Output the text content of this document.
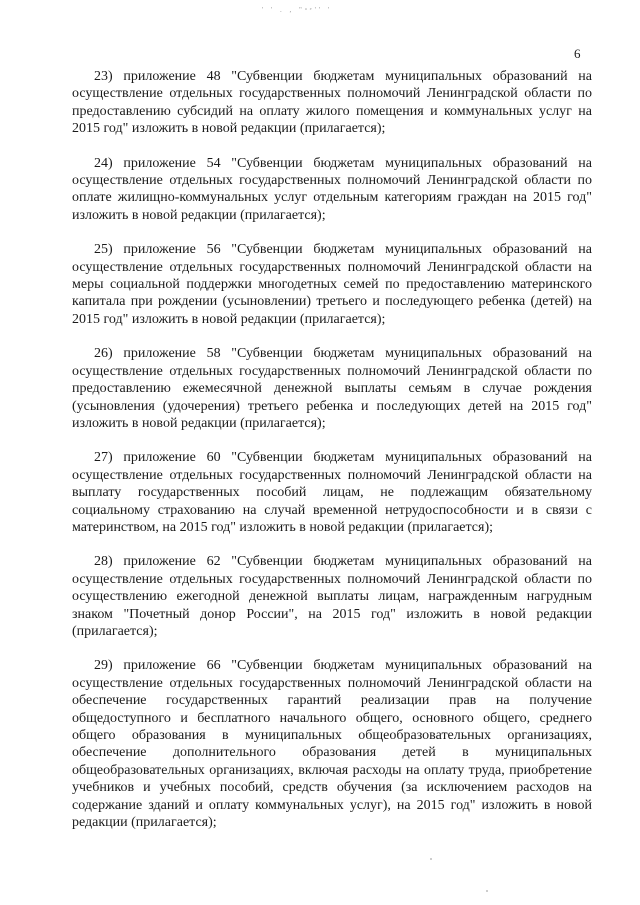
' ' . , "ᵃᵉ'' '
6

23) приложение 48 "Субвенции бюджетам муниципальных образований на осуществление отдельных государственных полномочий Ленинградской области по предоставлению субсидий на оплату жилого помещения и коммунальных услуг на 2015 год" изложить в новой редакции (прилагается);

24) приложение 54 "Субвенции бюджетам муниципальных образований на осуществление отдельных государственных полномочий Ленинградской области по оплате жилищно-коммунальных услуг отдельным категориям граждан на 2015 год" изложить в новой редакции (прилагается);

25) приложение 56 "Субвенции бюджетам муниципальных образований на осуществление отдельных государственных полномочий Ленинградской области на меры социальной поддержки многодетных семей по предоставлению материнского капитала при рождении (усыновлении) третьего и последующего ребенка (детей) на 2015 год" изложить в новой редакции (прилагается);

26) приложение 58 "Субвенции бюджетам муниципальных образований на осуществление отдельных государственных полномочий Ленинградской области по предоставлению ежемесячной денежной выплаты семьям в случае рождения (усыновления (удочерения) третьего ребенка и последующих детей на 2015 год" изложить в новой редакции (прилагается);

27) приложение 60 "Субвенции бюджетам муниципальных образований на осуществление отдельных государственных полномочий Ленинградской области на выплату государственных пособий лицам, не подлежащим обязательному социальному страхованию на случай временной нетрудоспособности и в связи с материнством, на 2015 год" изложить в новой редакции (прилагается);

28) приложение 62 "Субвенции бюджетам муниципальных образований на осуществление отдельных государственных полномочий Ленинградской области по осуществлению ежегодной денежной выплаты лицам, награжденным нагрудным знаком "Почетный донор России", на 2015 год" изложить в новой редакции (прилагается);

29) приложение 66 "Субвенции бюджетам муниципальных образований на осуществление отдельных государственных полномочий Ленинградской области на обеспечение государственных гарантий реализации прав на получение общедоступного и бесплатного начального общего, основного общего, среднего общего образования в муниципальных общеобразовательных организациях, обеспечение дополнительного образования детей в муниципальных общеобразовательных организациях, включая расходы на оплату труда, приобретение учебников и учебных пособий, средств обучения (за исключением расходов на содержание зданий и оплату коммунальных услуг), на 2015 год" изложить в новой редакции (прилагается);
